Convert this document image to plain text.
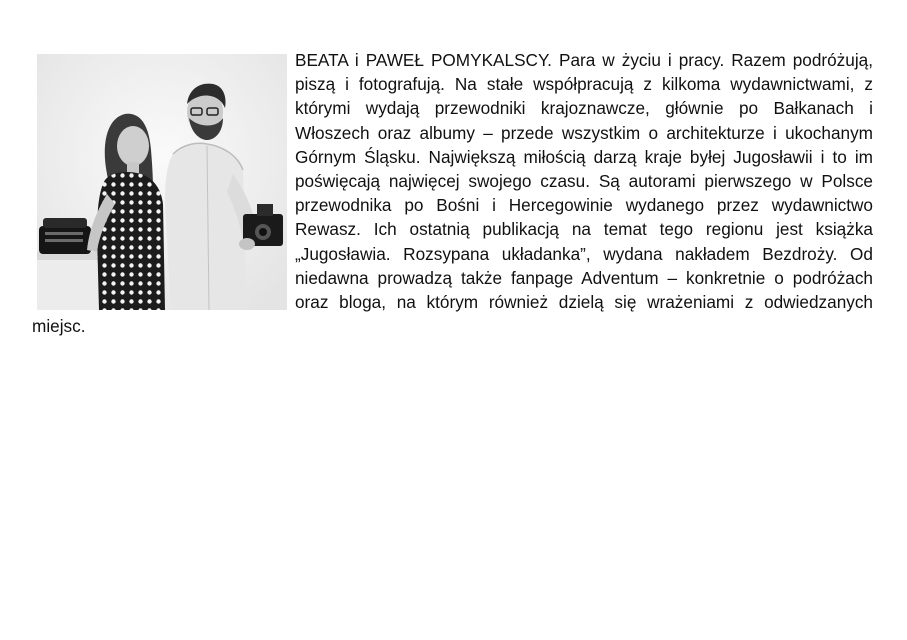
BEATA i PAWEŁ POMYKALSCY. Para w życiu i pracy. Razem podróżują, piszą i fotografują. Na stałe współpracują z kilkoma wydawnictwami, z którymi wydają przewodniki krajoznawcze, głównie po Bałkanach i Włoszech oraz albumy – przede wszystkim o architekturze i ukochanym Górnym Śląsku. Największą miłością darzą kraje byłej Jugosławii i to im poświęcają najwięcej swojego czasu. Są autorami pierwszego w Polsce przewodnika po Bośni i Hercegowinie wydanego przez wydawnictwo Rewasz. Ich ostatnią publikacją na temat tego regionu jest książka „Jugosławia. Rozsypana układanka”, wydana nakładem Bezdroży. Od niedawna prowadzą także fanpage Adventum – konkretnie o podróżach oraz bloga, na którym również dzielą się wrażeniami z odwiedzanych miejsc.
